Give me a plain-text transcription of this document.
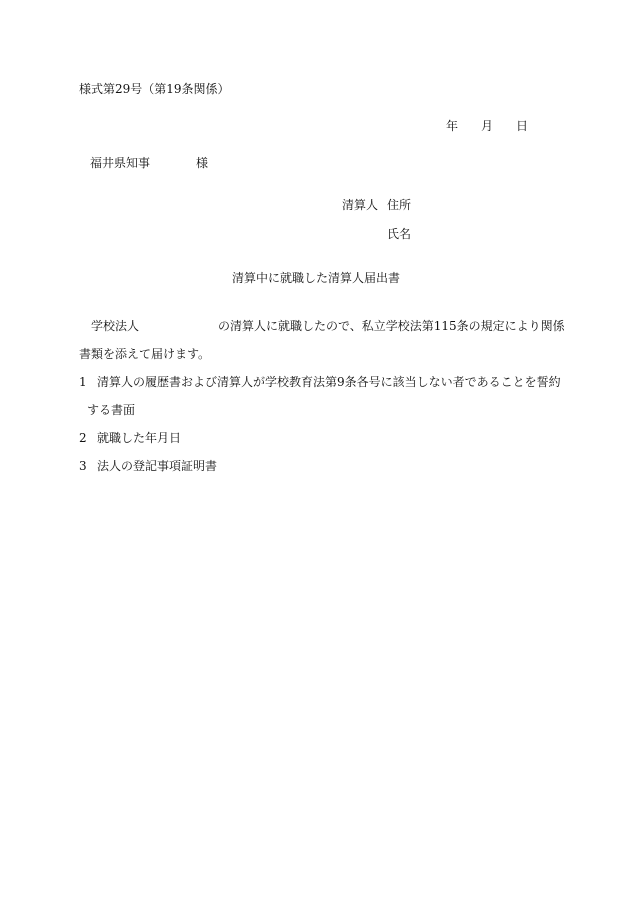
様式第29号（第19条関係）
年 月 日
福井県知事	様
清算人 住所
氏名
清算中に就職した清算人届出書
学校法人	の清算人に就職したので、私立学校法第115条の規定により関係
書類を添えて届けます。
1 清算人の履歴書および清算人が学校教育法第9条各号に該当しない者であることを誓約
する書面
2 就職した年月日
3 法人の登記事項証明書
